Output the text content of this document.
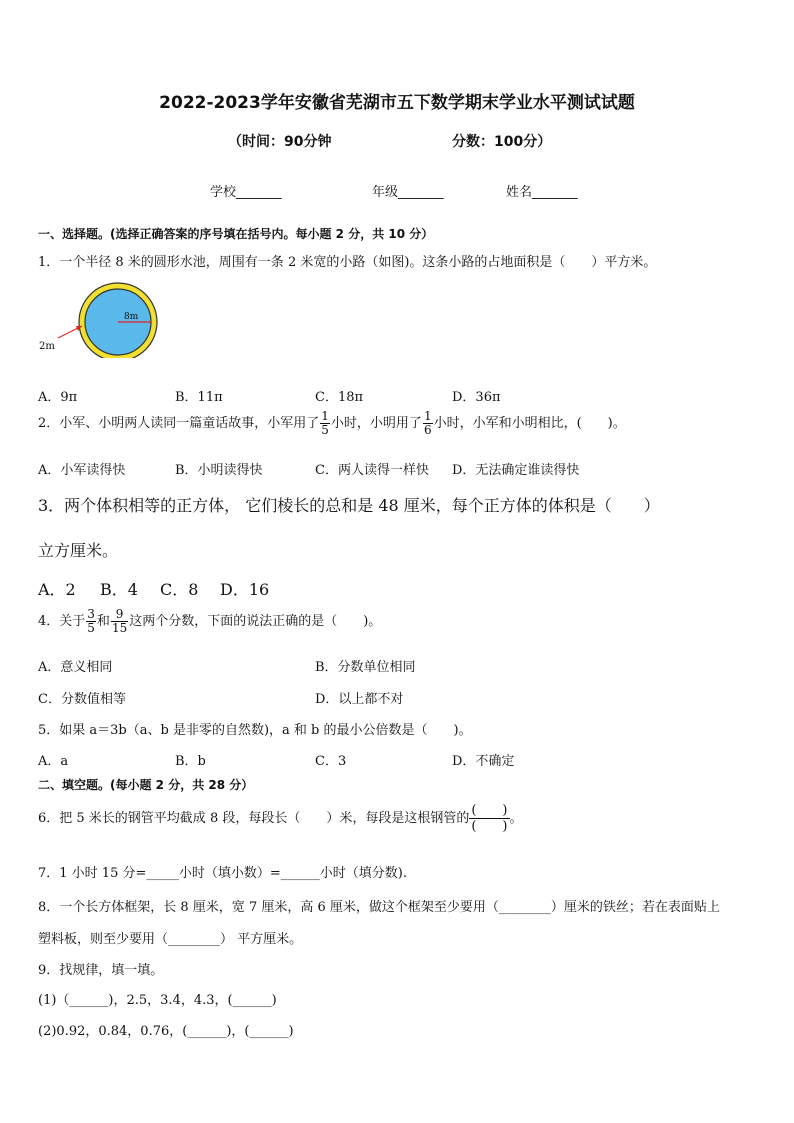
2022-2023学年安徽省芜湖市五下数学期末学业水平测试试题
（时间：90分钟	分数：100分）
学校_______	年级_______	姓名_______
一、选择题。(选择正确答案的序号填在括号内。每小题 2 分，共 10 分）
1．一个半径 8 米的圆形水池，周围有一条 2 米宽的小路（如图)。这条小路的占地面积是（　　）平方米。
8m
2m
A．9π	B．11π	C．18π	D．36π
2．小军、小明两人读同一篇童话故事，小军用了 $\frac{1}{5}$ 小时，小明用了 $\frac{1}{6}$ 小时，小军和小明相比，(　　)。
A．小军读得快	B．小明读得快	C．两人读得一样快 D．无法确定谁读得快
3．两个体积相等的正方体， 它们棱长的总和是 48 厘米，每个正方体的体积是（　　）
立方厘米。
A．2 B．4 C．8 D．16
4．关于 $\frac{3}{5}$ 和 $\frac{9}{15}$ 这两个分数，下面的说法正确的是（　　)。
A．意义相同	B．分数单位相同
C．分数值相等	D．以上都不对
5．如果 a＝3b（a、b 是非零的自然数)，a 和 b 的最小公倍数是（　　)。
A．a	B．b	C．3	D．不确定
二、填空题。(每小题 2 分，共 28 分）
6．把 5 米长的钢管平均截成 8 段，每段长（　　）米，每段是这根钢管的
(　　)
(　　)
。
7．1 小时 15 分=_____小时（填小数）=______小时（填分数).
8．一个长方体框架，长 8 厘米，宽 7 厘米，高 6 厘米，做这个框架至少要用（________）厘米的铁丝；若在表面贴上
塑料板，则至少要用（________） 平方厘米。
9．找规律，填一填。
(1)（______)，2.5，3.4，4.3，(______)
(2)0.92，0.84，0.76，(______)，(______)
